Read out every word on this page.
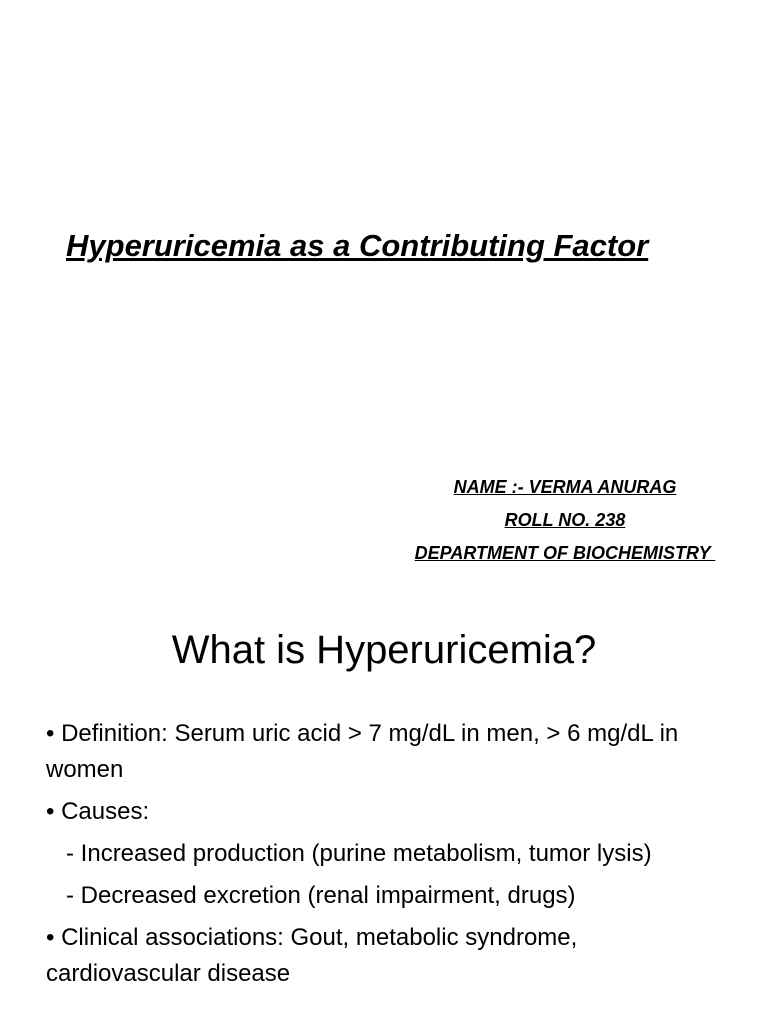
Hyperuricemia as a Contributing Factor
NAME :- VERMA ANURAG
ROLL NO. 238
DEPARTMENT OF BIOCHEMISTRY
What is Hyperuricemia?

• Definition: Serum uric acid > 7 mg/dL in men, > 6 mg/dL in women

• Causes:

- Increased production (purine metabolism, tumor lysis)

- Decreased excretion (renal impairment, drugs)

• Clinical associations: Gout, metabolic syndrome, cardiovascular disease
